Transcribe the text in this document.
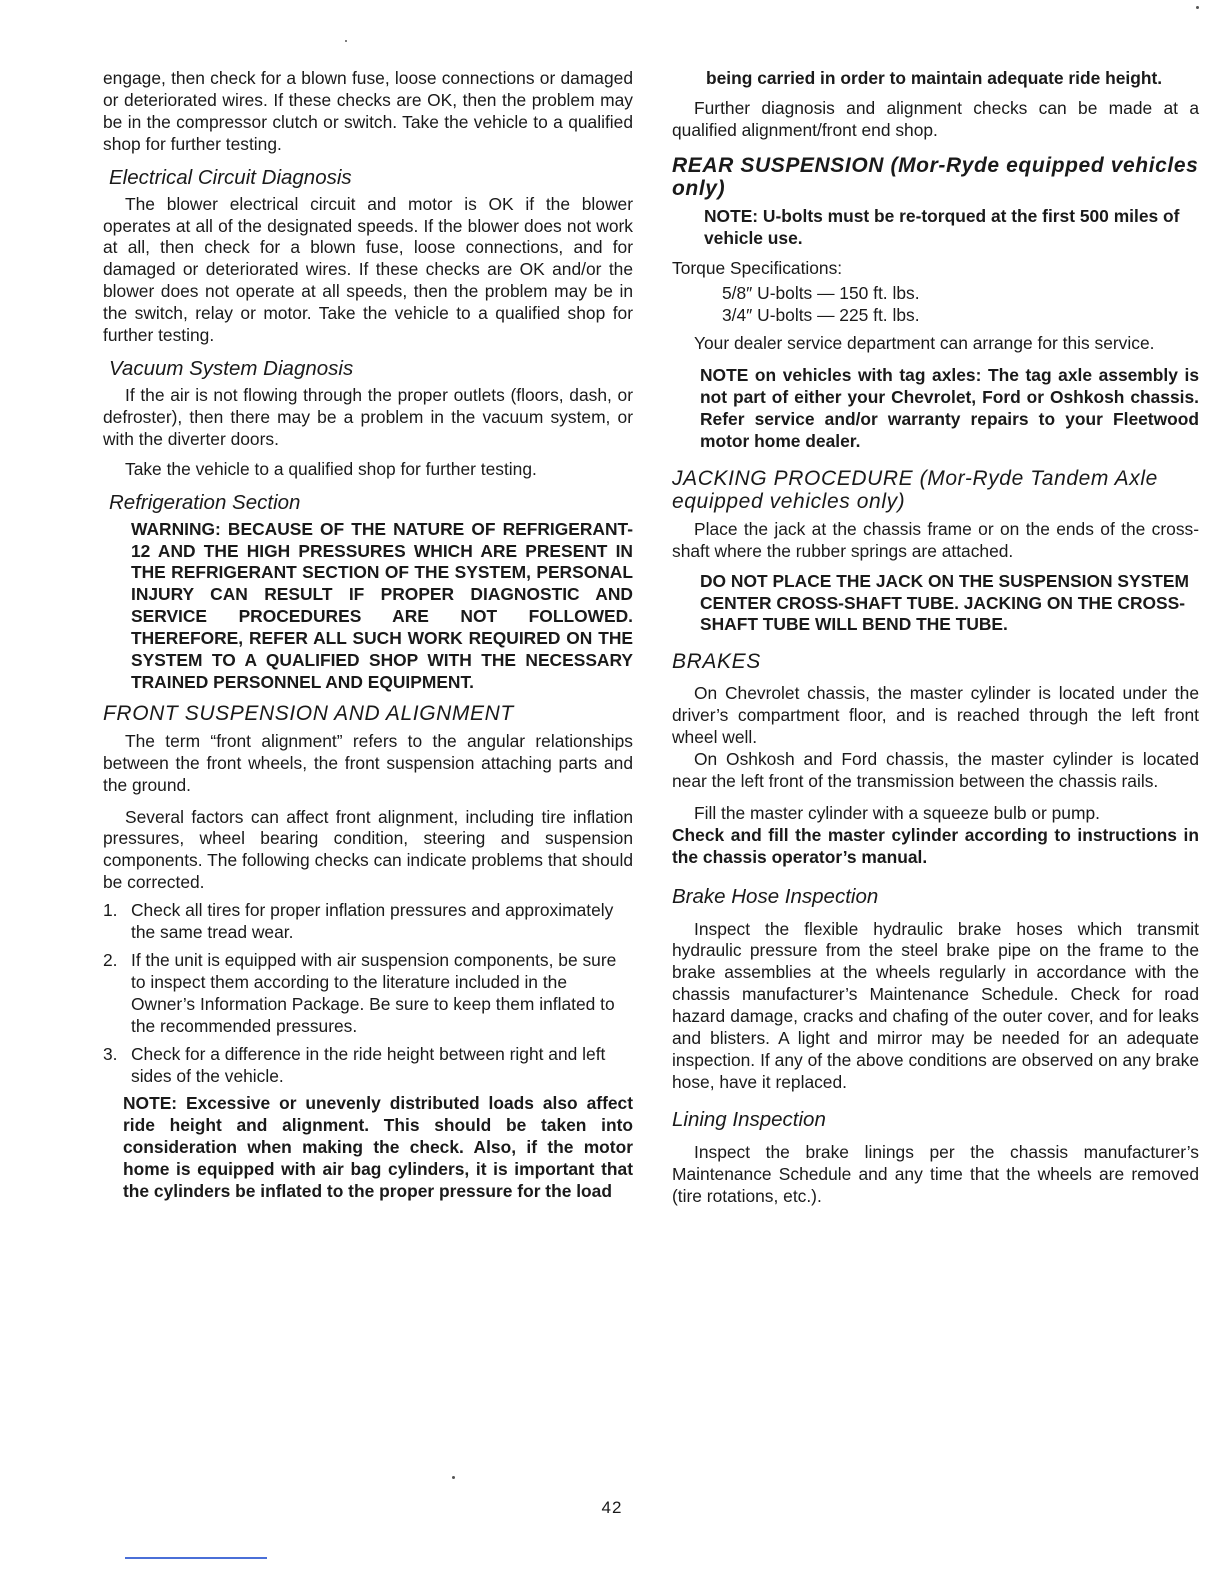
engage, then check for a blown fuse, loose connections or damaged or deteriorated wires. If these checks are OK, then the problem may be in the compressor clutch or switch. Take the vehicle to a qualified shop for further testing.

Electrical Circuit Diagnosis

The blower electrical circuit and motor is OK if the blower operates at all of the designated speeds. If the blower does not work at all, then check for a blown fuse, loose connections, and for damaged or deteriorated wires. If these checks are OK and/or the blower does not operate at all speeds, then the problem may be in the switch, relay or motor. Take the vehicle to a qualified shop for further testing.

Vacuum System Diagnosis

If the air is not flowing through the proper outlets (floors, dash, or defroster), then there may be a problem in the vacuum system, or with the diverter doors.

Take the vehicle to a qualified shop for further testing.

Refrigeration Section

WARNING: BECAUSE OF THE NATURE OF REFRIGERANT-12 AND THE HIGH PRESSURES WHICH ARE PRESENT IN THE REFRIGERANT SECTION OF THE SYSTEM, PERSONAL INJURY CAN RESULT IF PROPER DIAGNOSTIC AND SERVICE PROCEDURES ARE NOT FOLLOWED. THEREFORE, REFER ALL SUCH WORK REQUIRED ON THE SYSTEM TO A QUALIFIED SHOP WITH THE NECESSARY TRAINED PERSONNEL AND EQUIPMENT.

FRONT SUSPENSION AND ALIGNMENT

The term “front alignment” refers to the angular relationships between the front wheels, the front suspension attaching parts and the ground.

Several factors can affect front alignment, including tire inflation pressures, wheel bearing condition, steering and suspension components. The following checks can indicate problems that should be corrected.

1. Check all tires for proper inflation pressures and approximately the same tread wear.
2. If the unit is equipped with air suspension components, be sure to inspect them according to the literature included in the Owner’s Information Package. Be sure to keep them inflated to the recommended pressures.
3. Check for a difference in the ride height between right and left sides of the vehicle.

NOTE: Excessive or unevenly distributed loads also affect ride height and alignment. This should be taken into consideration when making the check. Also, if the motor home is equipped with air bag cylinders, it is important that the cylinders be inflated to the proper pressure for the load

being carried in order to maintain adequate ride height.

Further diagnosis and alignment checks can be made at a qualified alignment/front end shop.

REAR SUSPENSION (Mor-Ryde equipped vehicles only)

NOTE: U-bolts must be re-torqued at the first 500 miles of vehicle use.

Torque Specifications:

5/8″ U-bolts — 150 ft. lbs.

3/4″ U-bolts — 225 ft. lbs.

Your dealer service department can arrange for this service.

NOTE on vehicles with tag axles: The tag axle assembly is not part of either your Chevrolet, Ford or Oshkosh chassis. Refer service and/or warranty repairs to your Fleetwood motor home dealer.

JACKING PROCEDURE (Mor-Ryde Tandem Axle equipped vehicles only)

Place the jack at the chassis frame or on the ends of the cross-shaft where the rubber springs are attached.

DO NOT PLACE THE JACK ON THE SUSPENSION SYSTEM CENTER CROSS-SHAFT TUBE. JACKING ON THE CROSS-SHAFT TUBE WILL BEND THE TUBE.

BRAKES

On Chevrolet chassis, the master cylinder is located under the driver’s compartment floor, and is reached through the left front wheel well.

On Oshkosh and Ford chassis, the master cylinder is located near the left front of the transmission between the chassis rails.

Fill the master cylinder with a squeeze bulb or pump.

Check and fill the master cylinder according to instructions in the chassis operator’s manual.

Brake Hose Inspection

Inspect the flexible hydraulic brake hoses which transmit hydraulic pressure from the steel brake pipe on the frame to the brake assemblies at the wheels regularly in accordance with the chassis manufacturer’s Maintenance Schedule. Check for road hazard damage, cracks and chafing of the outer cover, and for leaks and blisters. A light and mirror may be needed for an adequate inspection. If any of the above conditions are observed on any brake hose, have it replaced.

Lining Inspection

Inspect the brake linings per the chassis manufacturer’s Maintenance Schedule and any time that the wheels are removed (tire rotations, etc.).

42
